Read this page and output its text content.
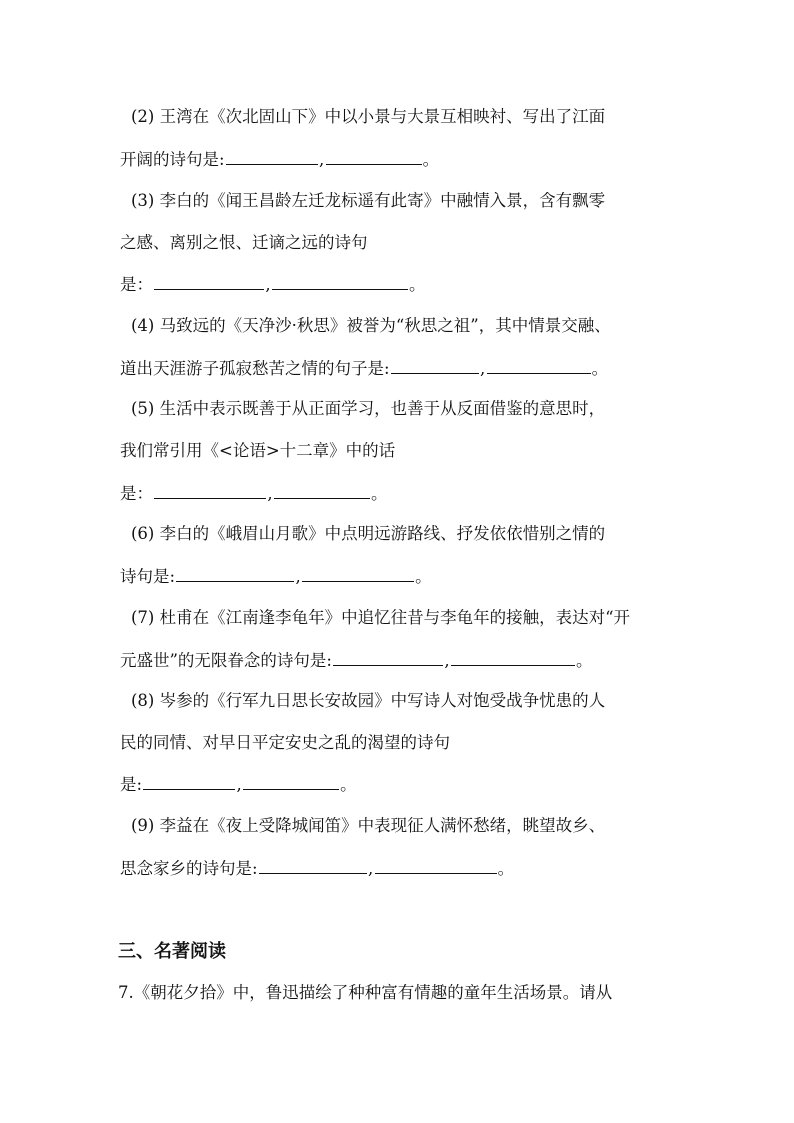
(2) 王湾在《次北固山下》中以小景与大景互相映衬、写出了江面
开阔的诗句是:	,	。
(3) 李白的《闻王昌龄左迁龙标遥有此寄》中融情入景，含有飘零
之感、离别之恨、迁谪之远的诗句
是：	,	。
(4) 马致远的《天净沙·秋思》被誉为“秋思之祖”，其中情景交融、
道出天涯游子孤寂愁苦之情的句子是:	,	。
(5) 生活中表示既善于从正面学习，也善于从反面借鉴的意思时，
我们常引用《<论语>十二章》中的话
是：	,	。
(6) 李白的《峨眉山月歌》中点明远游路线、抒发依依惜别之情的
诗句是:	,	。
(7) 杜甫在《江南逢李龟年》中追忆往昔与李龟年的接触，表达对“开
元盛世”的无限眷念的诗句是:	,	。
(8) 岑参的《行军九日思长安故园》中写诗人对饱受战争忧患的人
民的同情、对早日平定安史之乱的渴望的诗句
是:	,	。
(9) 李益在《夜上受降城闻笛》中表现征人满怀愁绪，眺望故乡、
思念家乡的诗句是:	,	。
三、名著阅读
7.《朝花夕拾》中，鲁迅描绘了种种富有情趣的童年生活场景。请从
